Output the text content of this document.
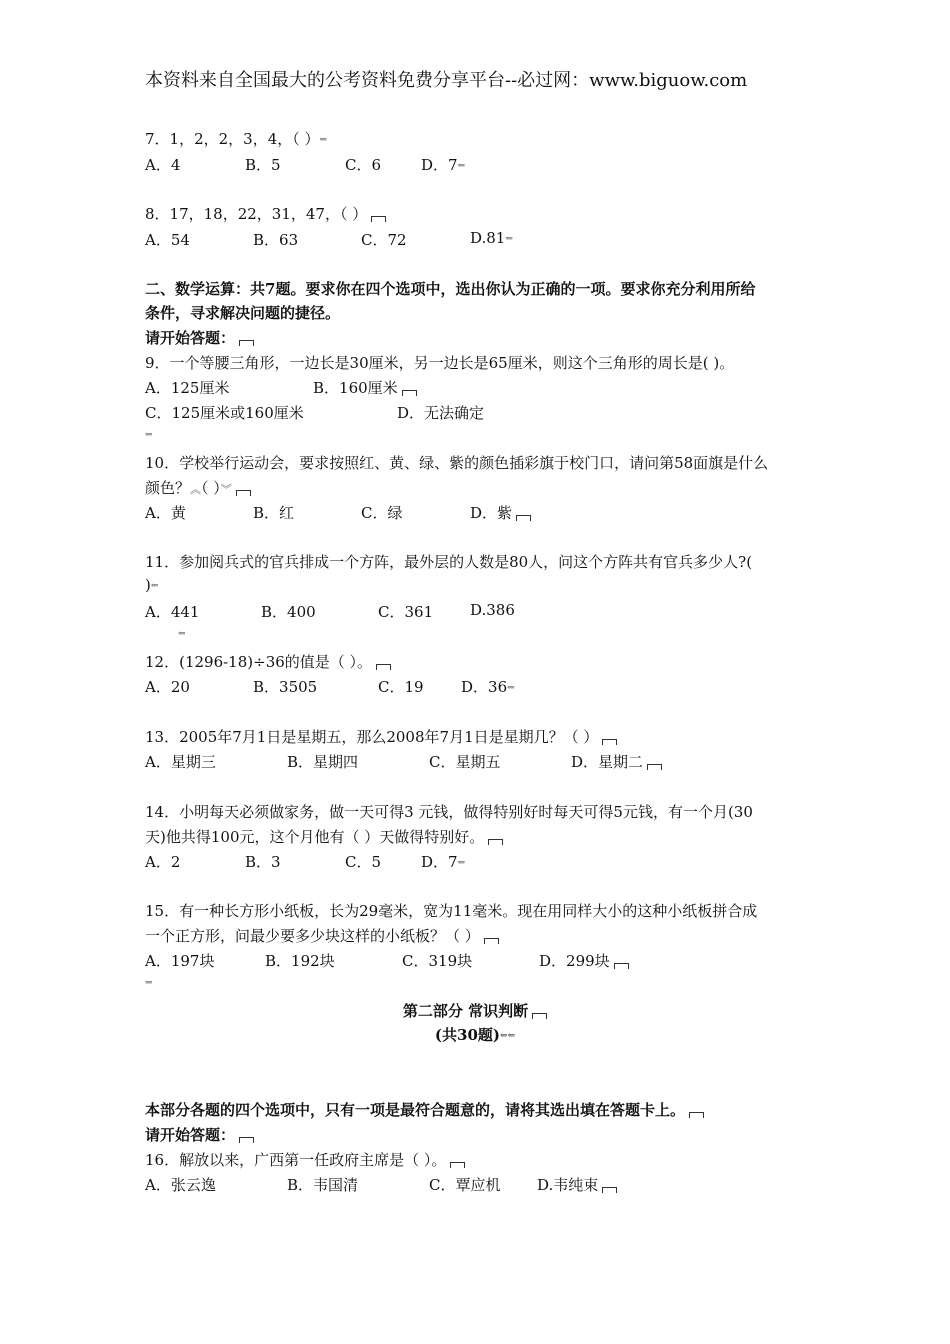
本资料来自全国最大的公考资料免费分享平台--必过网：www.biguow.com
7．1，2，2，3，4，（ ）⇐
A．4	B．5	C．6	D．7⇐
8．17，18，22，31，47，（ ）
A．54	B．63	C．72	D.81⇐
二、数学运算：共7题。要求你在四个选项中，选出你认为正确的一项。要求你充分利用所给
条件，寻求解决问题的捷径。
请开始答题：
9．一个等腰三角形，一边长是30厘米，另一边长是65厘米，则这个三角形的周长是( )。
A．125厘米	B．160厘米
C．125厘米或160厘米	D．无法确定
⇐
10．学校举行运动会，要求按照红、黄、绿、紫的颜色插彩旗于校门口，请问第58面旗是什么
颜色？︽（ ）︾
A．黄	B．红	C．绿	D．紫
11．参加阅兵式的官兵排成一个方阵，最外层的人数是80人，问这个方阵共有官兵多少人?(
)⇐
A．441	B．400	C．361 D.386
⇐
12．(1296-18)÷36的值是（ ）。
A．20	B．3505	C．19 D．36⇐
13．2005年7月1日是星期五，那么2008年7月1日是星期几？（ ）
A．星期三	B．星期四	C．星期五	D．星期二
14．小明每天必须做家务，做一天可得3 元钱，做得特别好时每天可得5元钱，有一个月(30
天)他共得100元，这个月他有（ ）天做得特别好。
A．2	B．3	C．5	D．7⇐
15．有一种长方形小纸板，长为29毫米，宽为11毫米。现在用同样大小的这种小纸板拼合成
一个正方形，问最少要多少块这样的小纸板？（ ）
A．197块	B．192块	C．319块	D．299块
⇐
第二部分 常识判断
(共30题)⇐⇐
本部分各题的四个选项中，只有一项是最符合题意的，请将其选出填在答题卡上。
请开始答题：
16．解放以来，广西第一任政府主席是（ ）。
A．张云逸	B．韦国清	C．覃应机 D.韦纯束
